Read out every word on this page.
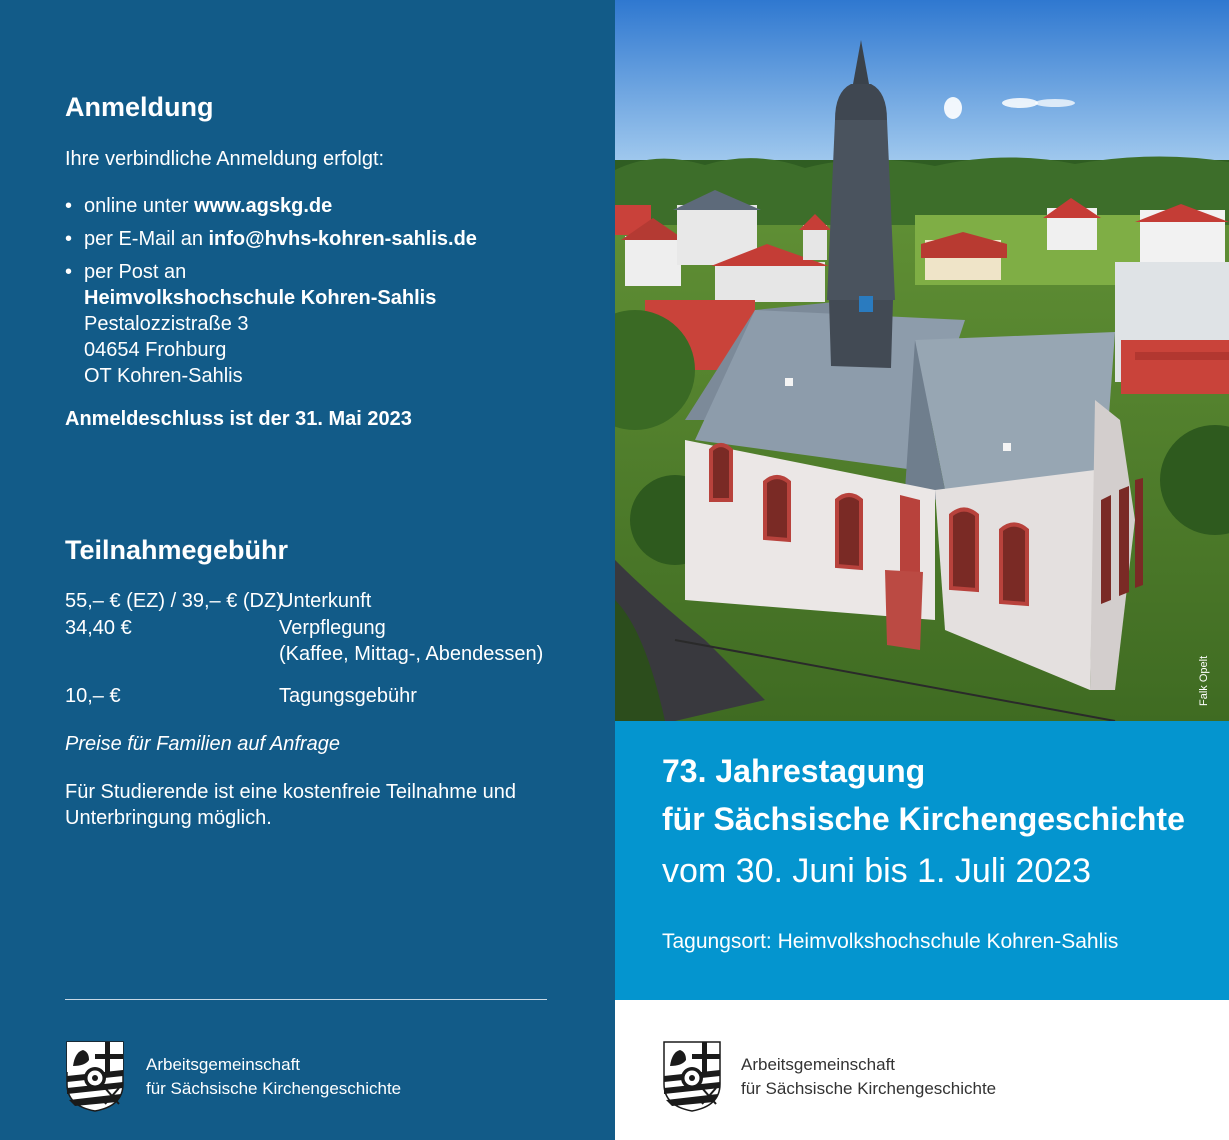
Anmeldung
Ihre verbindliche Anmeldung erfolgt:
• online unter www.agskg.de
• per E-Mail an info@hvhs-kohren-sahlis.de
• per Post an
Heimvolkshochschule Kohren-Sahlis
Pestalozzistraße 3
04654 Frohburg
OT Kohren-Sahlis
Anmeldeschluss ist der 31. Mai 2023
Teilnahmegebühr
55,– € (EZ) / 39,– € (DZ)
Unterkunft
34,40 €	Verpflegung
(Kaffee, Mittag-, Abendessen)
10,– €	Tagungsgebühr
Preise für Familien auf Anfrage
Für Studierende ist eine kostenfreie Teilnahme und
Unterbringung möglich.
Arbeitsgemeinschaft
für Sächsische Kirchengeschichte
Falk Opelt
73. Jahrestagung
für Sächsische Kirchengeschichte
vom 30. Juni bis 1. Juli 2023
Tagungsort: Heimvolkshochschule Kohren-Sahlis
Arbeitsgemeinschaft
für Sächsische Kirchengeschichte
